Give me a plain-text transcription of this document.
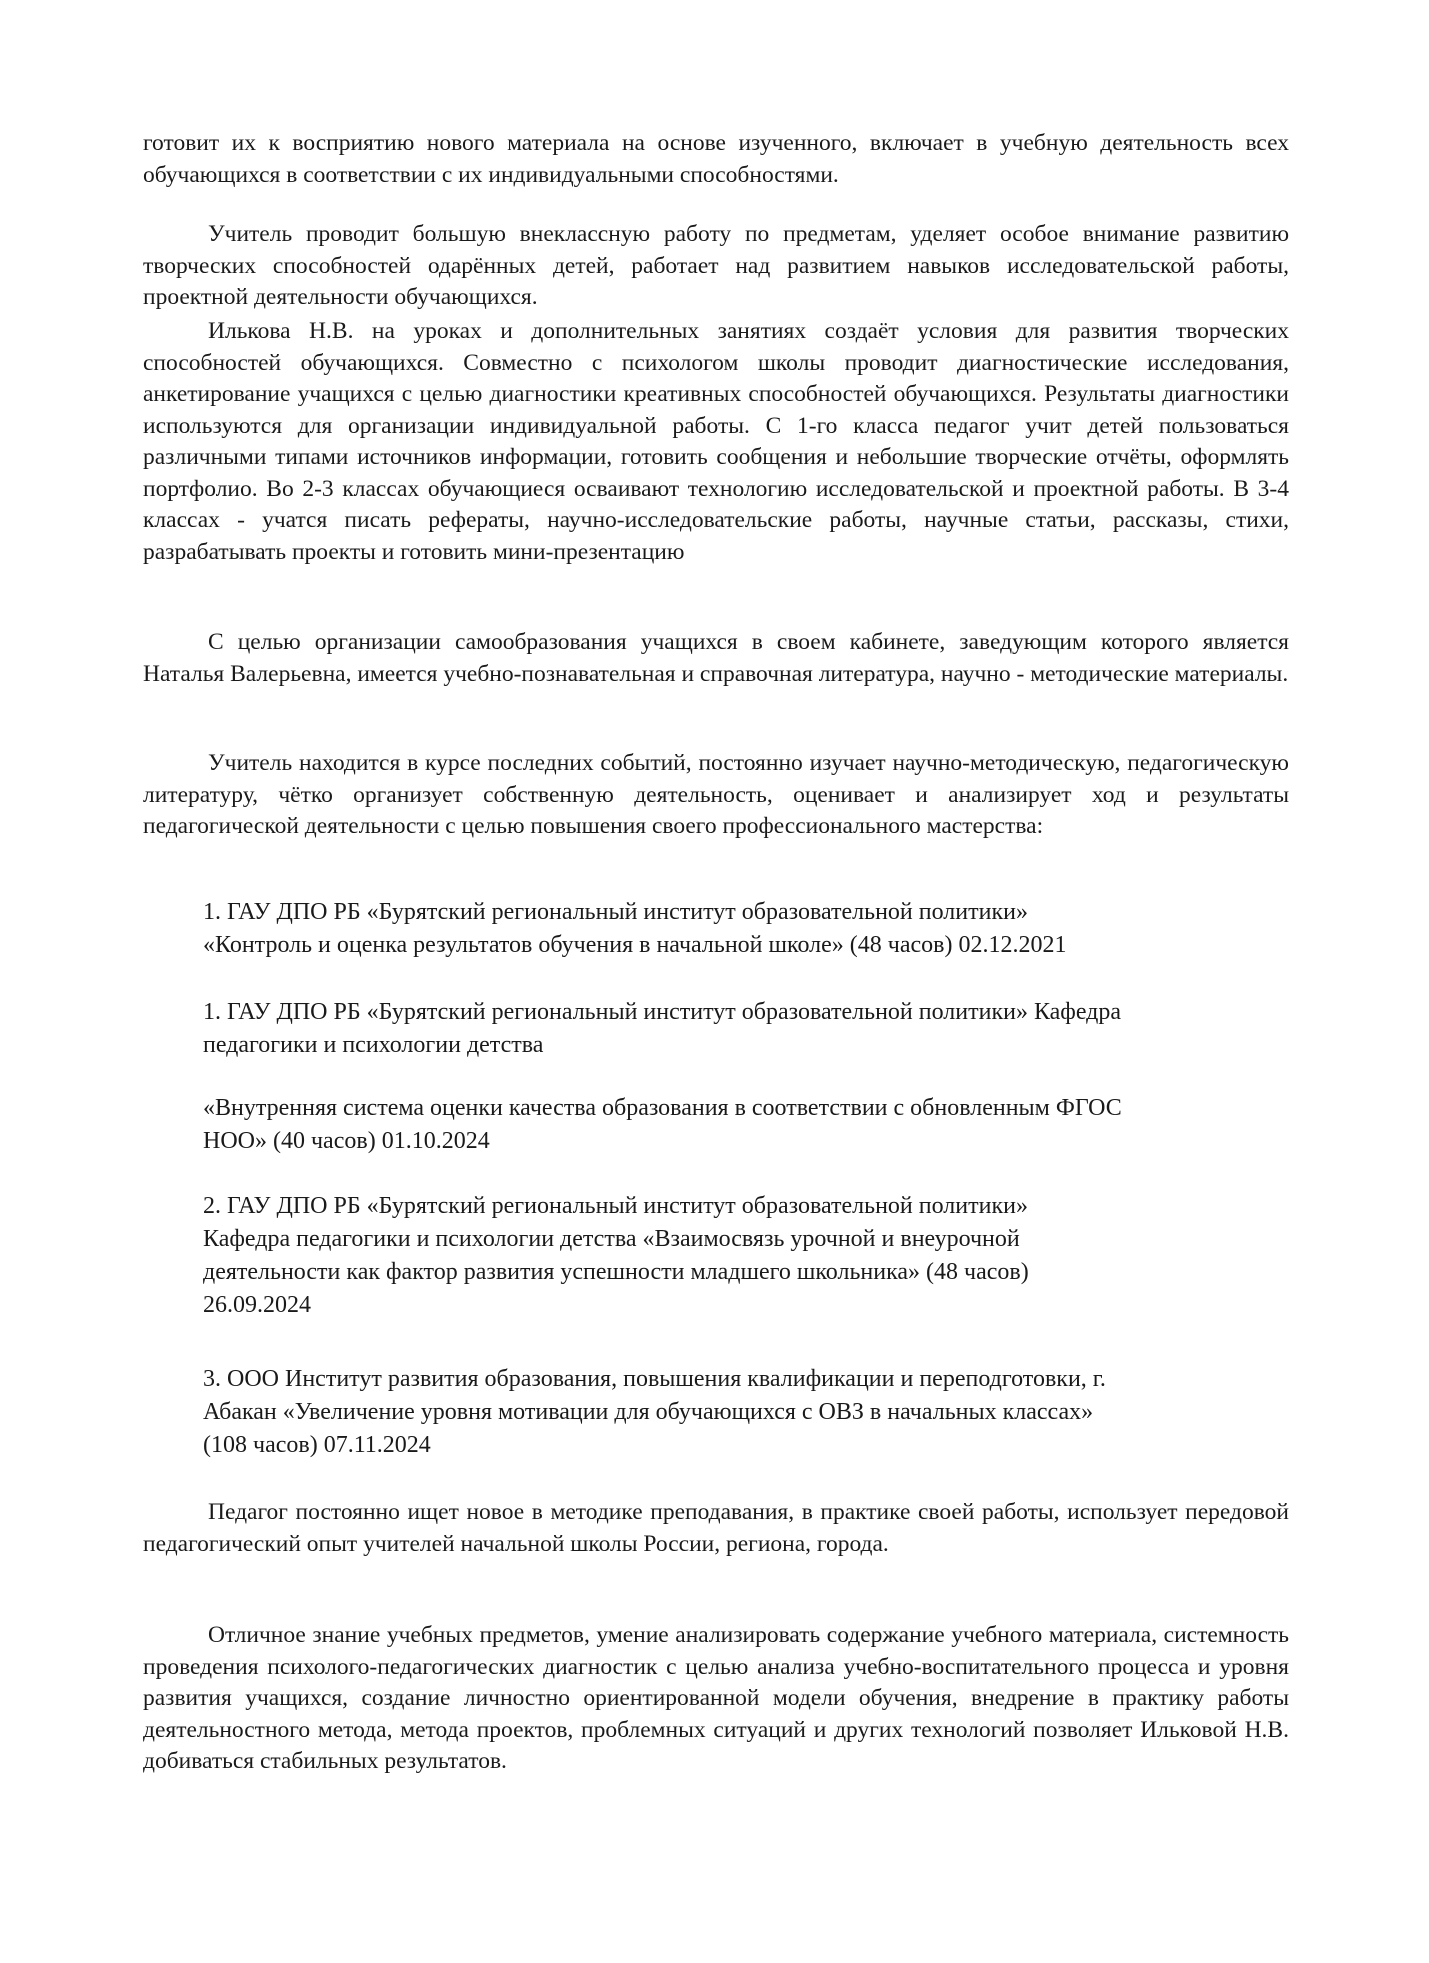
готовит их к восприятию нового материала на основе изученного, включает в учебную деятельность всех обучающихся в соответствии с их индивидуальными способностями.

Учитель проводит большую внеклассную работу по предметам, уделяет особое внимание развитию творческих способностей одарённых детей, работает над развитием навыков исследовательской работы, проектной деятельности обучающихся.

Илькова Н.В. на уроках и дополнительных занятиях создаёт условия для развития творческих способностей обучающихся. Совместно с психологом школы проводит диагностические исследования, анкетирование учащихся с целью диагностики креативных способностей обучающихся. Результаты диагностики используются для организации индивидуальной работы. С 1-го класса педагог учит детей пользоваться различными типами источников информации, готовить сообщения и небольшие творческие отчёты, оформлять портфолио. Во 2-3 классах обучающиеся осваивают технологию исследовательской и проектной работы. В 3-4 классах - учатся писать рефераты, научно-исследовательские работы, научные статьи, рассказы, стихи, разрабатывать проекты и готовить мини-презентацию

С целью организации самообразования учащихся в своем кабинете, заведующим которого является Наталья Валерьевна, имеется учебно-познавательная и справочная литература, научно - методические материалы.

Учитель находится в курсе последних событий, постоянно изучает научно-методическую, педагогическую литературу, чётко организует собственную деятельность, оценивает и анализирует ход и результаты педагогической деятельности с целью повышения своего профессионального мастерства:

1. ГАУ ДПО РБ «Бурятский региональный институт образовательной политики»
«Контроль и оценка результатов обучения в начальной школе» (48 часов) 02.12.2021
1. ГАУ ДПО РБ «Бурятский региональный институт образовательной политики» Кафедра
педагогики и психологии детства
«Внутренняя система оценки качества образования в соответствии с обновленным ФГОС
НОО» (40 часов) 01.10.2024
2. ГАУ ДПО РБ «Бурятский региональный институт образовательной политики»
Кафедра педагогики и психологии детства «Взаимосвязь урочной и внеурочной
деятельности как фактор развития успешности младшего школьника» (48 часов)
26.09.2024
3. ООО Институт развития образования, повышения квалификации и переподготовки, г.
Абакан «Увеличение уровня мотивации для обучающихся с ОВЗ в начальных классах»
(108 часов) 07.11.2024

Педагог постоянно ищет новое в методике преподавания, в практике своей работы, использует передовой педагогический опыт учителей начальной школы России, региона, города.

Отличное знание учебных предметов, умение анализировать содержание учебного материала, системность проведения психолого-педагогических диагностик с целью анализа учебно-воспитательного процесса и уровня развития учащихся, создание личностно ориентированной модели обучения, внедрение в практику работы деятельностного метода, метода проектов, проблемных ситуаций и других технологий позволяет Ильковой Н.В. добиваться стабильных результатов.
